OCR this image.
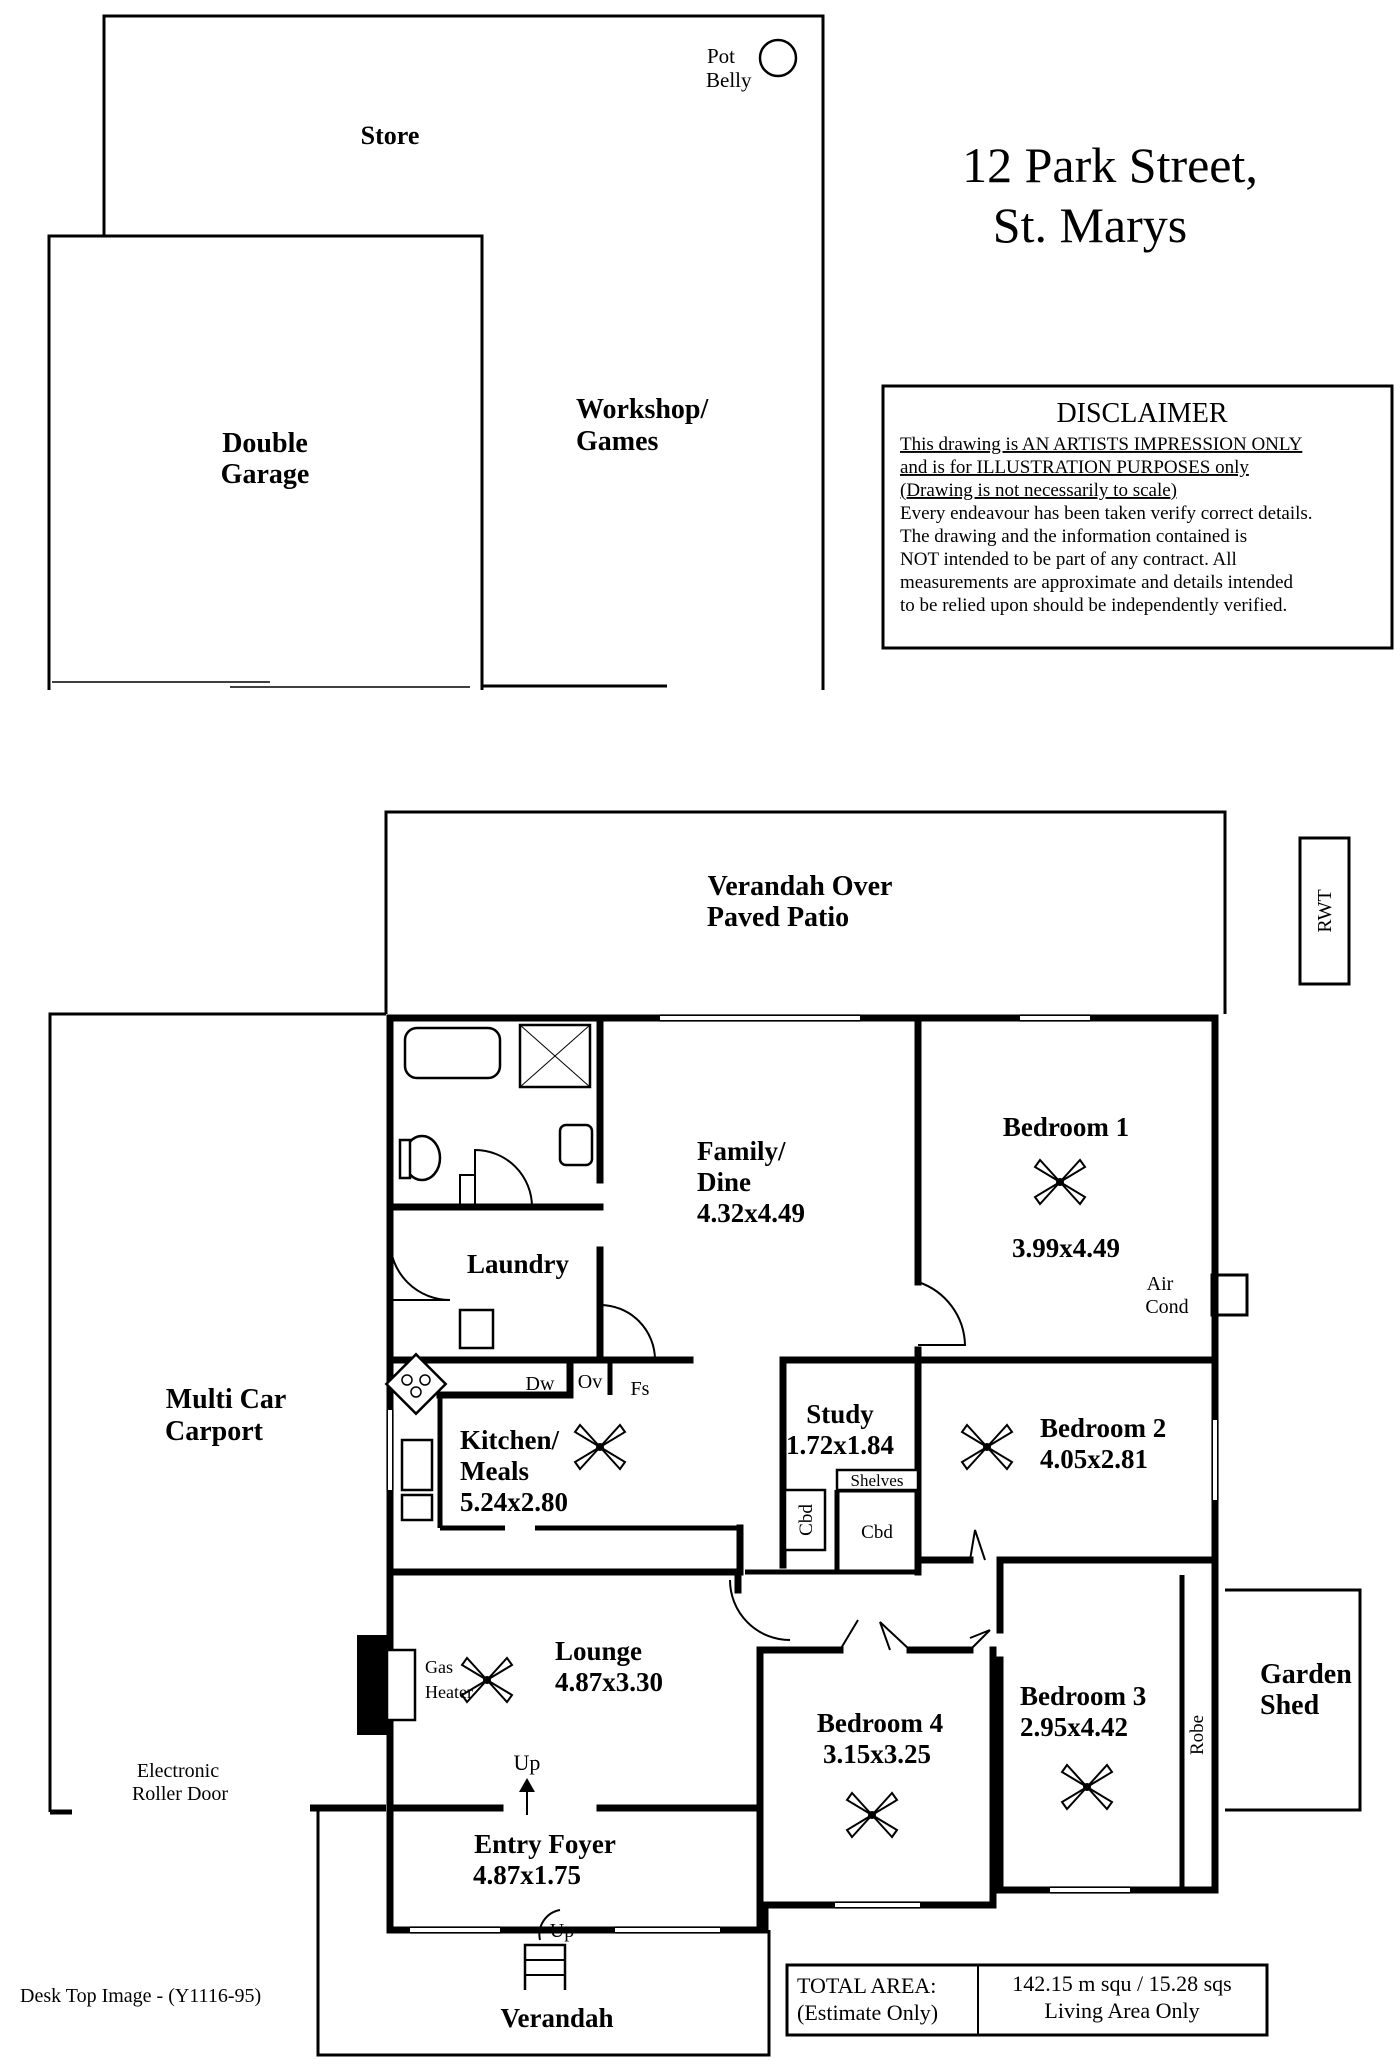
Store
Pot
Belly
Double
Garage
Workshop/
Games
12 Park Street,
St. Marys
DISCLAIMER
This drawing is AN ARTISTS IMPRESSION ONLY
and is for ILLUSTRATION PURPOSES only
(Drawing is not necessarily to scale)
Every endeavour has been taken verify correct details.
The drawing and the information contained is
NOT intended to be part of any contract. All
measurements are approximate and details intended
to be relied upon should be independently verified.
Verandah Over
Paved Patio	RWT
Family/
Dine
4.32x4.49
Bedroom 1
3.99x4.49
Air
Cond
Laundry
Multi Car
Carport
Dw Ov Fs
Kitchen/
Meals
5.24x2.80
Study
1.72x1.84
Shelves
Cbd Cbd
Bedroom 2
4.05x2.81
Lounge
4.87x3.30
Gas
Heater	Bedroom 3
2.95x4.42	Robe
Garden
Shed
Bedroom 4
3.15x3.25
Electronic
Roller Door
Up
Entry Foyer
4.87x1.75
Up
Verandah
Desk Top Image - (Y1116-95)	TOTAL AREA:
(Estimate Only)
142.15 m squ / 15.28 sqs
Living Area Only
